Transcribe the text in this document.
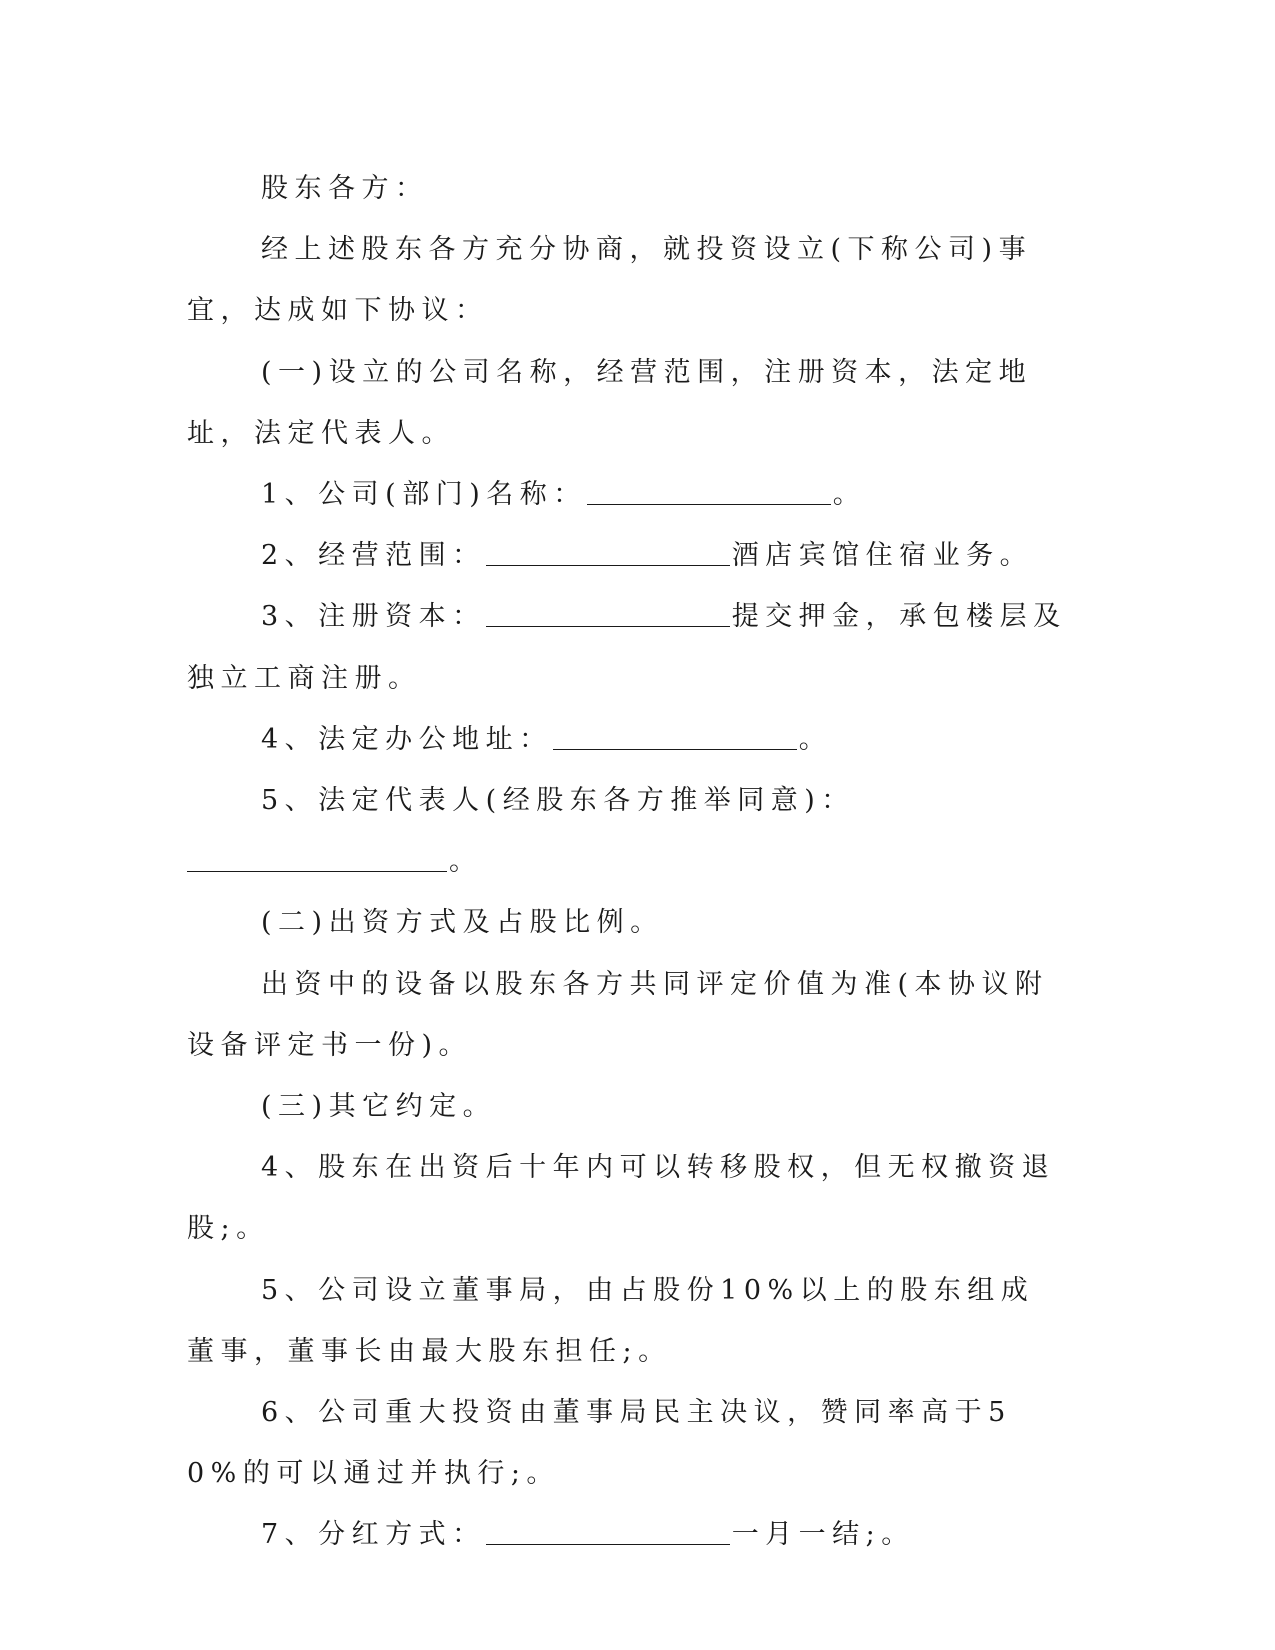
股东各方：

经上述股东各方充分协商，就投资设立(下称公司)事宜，达成如下协议：

(一)设立的公司名称，经营范围，注册资本，法定地址，法定代表人。

1、公司(部门)名称：	。

2、经营范围：	酒店宾馆住宿业务。

3、注册资本：	提交押金，承包楼层及独立工商注册。

4、法定办公地址：	。

5、法定代表人(经股东各方推举同意)：。

(二)出资方式及占股比例。

出资中的设备以股东各方共同评定价值为准(本协议附设备评定书一份)。

(三)其它约定。

4、股东在出资后十年内可以转移股权，但无权撤资退股;。

5、公司设立董事局，由占股份10%以上的股东组成董事，董事长由最大股东担任;。

6、公司重大投资由董事局民主决议，赞同率高于50%的可以通过并执行;。

7、分红方式：	一月一结;。
